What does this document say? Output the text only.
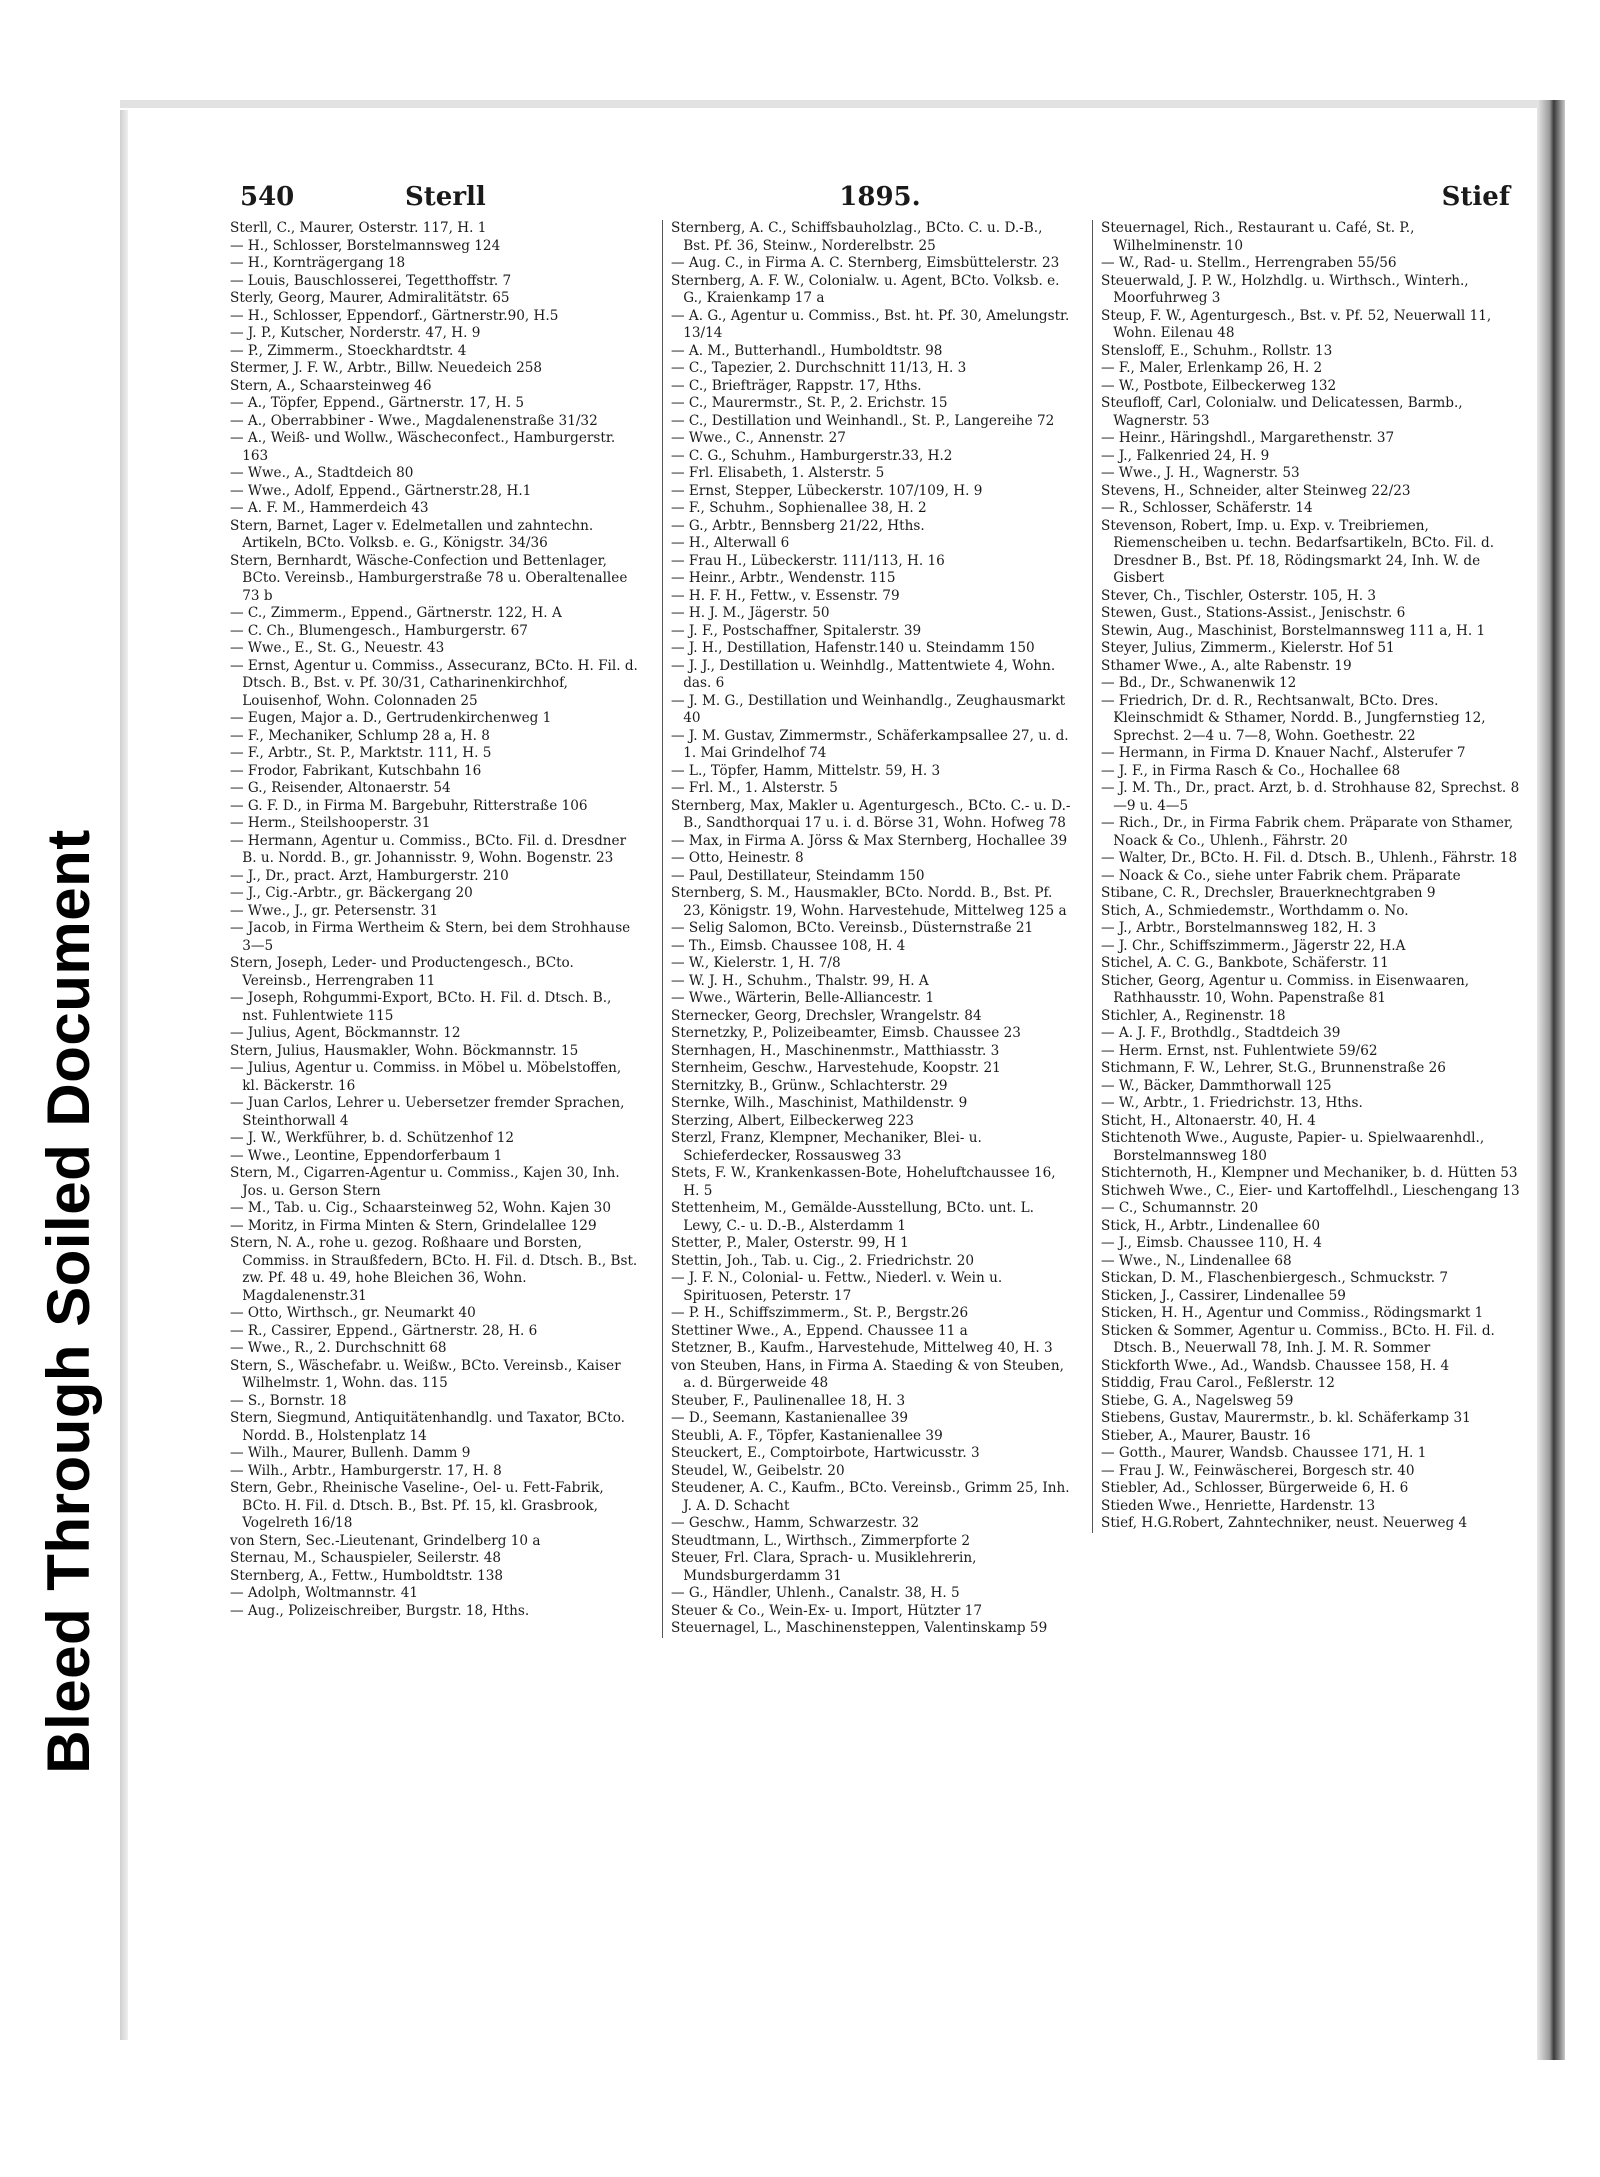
Bleed Through Soiled Document
540	Sterll	1895.	Stief

Sterll, C., Maurer, Osterstr. 117, H. 1

— H., Schlosser, Borstelmannsweg 124

— H., Kornträgergang 18

— Louis, Bauschlosserei, Tegetthoffstr. 7

Sterly, Georg, Maurer, Admiralitätstr. 65

— H., Schlosser, Eppendorf., Gärtnerstr.90, H.5

— J. P., Kutscher, Norderstr. 47, H. 9

— P., Zimmerm., Stoeckhardtstr. 4

Stermer, J. F. W., Arbtr., Billw. Neuedeich 258

Stern, A., Schaarsteinweg 46

— A., Töpfer, Eppend., Gärtnerstr. 17, H. 5

— A., Oberrabbiner - Wwe., Magdalenenstraße 31/32

— A., Weiß- und Wollw., Wäscheconfect., Hamburgerstr. 163

— Wwe., A., Stadtdeich 80

— Wwe., Adolf, Eppend., Gärtnerstr.28, H.1

— A. F. M., Hammerdeich 43

Stern, Barnet, Lager v. Edelmetallen und zahntechn. Artikeln, BCto. Volksb. e. G., Königstr. 34/36

Stern, Bernhardt, Wäsche-Confection und Bettenlager, BCto. Vereinsb., Hamburgerstraße 78 u. Oberaltenallee 73 b

— C., Zimmerm., Eppend., Gärtnerstr. 122, H. A

— C. Ch., Blumengesch., Hamburgerstr. 67

— Wwe., E., St. G., Neuestr. 43

— Ernst, Agentur u. Commiss., Assecuranz, BCto. H. Fil. d. Dtsch. B., Bst. v. Pf. 30/31, Catharinenkirchhof, Louisenhof, Wohn. Colonnaden 25

— Eugen, Major a. D., Gertrudenkirchenweg 1

— F., Mechaniker, Schlump 28 a, H. 8

— F., Arbtr., St. P., Marktstr. 111, H. 5

— Frodor, Fabrikant, Kutschbahn 16

— G., Reisender, Altonaerstr. 54

— G. F. D., in Firma M. Bargebuhr, Ritterstraße 106

— Herm., Steilshooperstr. 31

— Hermann, Agentur u. Commiss., BCto. Fil. d. Dresdner B. u. Nordd. B., gr. Johannisstr. 9, Wohn. Bogenstr. 23

— J., Dr., pract. Arzt, Hamburgerstr. 210

— J., Cig.-Arbtr., gr. Bäckergang 20

— Wwe., J., gr. Petersenstr. 31

— Jacob, in Firma Wertheim & Stern, bei dem Strohhause 3—5

Stern, Joseph, Leder- und Productengesch., BCto. Vereinsb., Herrengraben 11

— Joseph, Rohgummi-Export, BCto. H. Fil. d. Dtsch. B., nst. Fuhlentwiete 115

— Julius, Agent, Böckmannstr. 12

Stern, Julius, Hausmakler, Wohn. Böckmannstr. 15

— Julius, Agentur u. Commiss. in Möbel u. Möbelstoffen, kl. Bäckerstr. 16

— Juan Carlos, Lehrer u. Uebersetzer fremder Sprachen, Steinthorwall 4

— J. W., Werkführer, b. d. Schützenhof 12

— Wwe., Leontine, Eppendorferbaum 1

Stern, M., Cigarren-Agentur u. Commiss., Kajen 30, Inh. Jos. u. Gerson Stern

— M., Tab. u. Cig., Schaarsteinweg 52, Wohn. Kajen 30

— Moritz, in Firma Minten & Stern, Grindelallee 129

Stern, N. A., rohe u. gezog. Roßhaare und Borsten, Commiss. in Straußfedern, BCto. H. Fil. d. Dtsch. B., Bst. zw. Pf. 48 u. 49, hohe Bleichen 36, Wohn. Magdalenenstr.31

— Otto, Wirthsch., gr. Neumarkt 40

— R., Cassirer, Eppend., Gärtnerstr. 28, H. 6

— Wwe., R., 2. Durchschnitt 68

Stern, S., Wäschefabr. u. Weißw., BCto. Vereinsb., Kaiser Wilhelmstr. 1, Wohn. das. 115

— S., Bornstr. 18

Stern, Siegmund, Antiquitätenhandlg. und Taxator, BCto. Nordd. B., Holstenplatz 14

— Wilh., Maurer, Bullenh. Damm 9

— Wilh., Arbtr., Hamburgerstr. 17, H. 8

Stern, Gebr., Rheinische Vaseline-, Oel- u. Fett-Fabrik, BCto. H. Fil. d. Dtsch. B., Bst. Pf. 15, kl. Grasbrook, Vogelreth 16/18

von Stern, Sec.-Lieutenant, Grindelberg 10 a

Sternau, M., Schauspieler, Seilerstr. 48

Sternberg, A., Fettw., Humboldtstr. 138

— Adolph, Woltmannstr. 41

— Aug., Polizeischreiber, Burgstr. 18, Hths.

Sternberg, A. C., Schiffsbauholzlag., BCto. C. u. D.-B., Bst. Pf. 36, Steinw., Norderelbstr. 25

— Aug. C., in Firma A. C. Sternberg, Eimsbüttelerstr. 23

Sternberg, A. F. W., Colonialw. u. Agent, BCto. Volksb. e. G., Kraienkamp 17 a

— A. G., Agentur u. Commiss., Bst. ht. Pf. 30, Amelungstr. 13/14

— A. M., Butterhandl., Humboldtstr. 98

— C., Tapezier, 2. Durchschnitt 11/13, H. 3

— C., Briefträger, Rappstr. 17, Hths.

— C., Maurermstr., St. P., 2. Erichstr. 15

— C., Destillation und Weinhandl., St. P., Langereihe 72

— Wwe., C., Annenstr. 27

— C. G., Schuhm., Hamburgerstr.33, H.2

— Frl. Elisabeth, 1. Alsterstr. 5

— Ernst, Stepper, Lübeckerstr. 107/109, H. 9

— F., Schuhm., Sophienallee 38, H. 2

— G., Arbtr., Bennsberg 21/22, Hths.

— H., Alterwall 6

— Frau H., Lübeckerstr. 111/113, H. 16

— Heinr., Arbtr., Wendenstr. 115

— H. F. H., Fettw., v. Essenstr. 79

— H. J. M., Jägerstr. 50

— J. F., Postschaffner, Spitalerstr. 39

— J. H., Destillation, Hafenstr.140 u. Steindamm 150

— J. J., Destillation u. Weinhdlg., Mattentwiete 4, Wohn. das. 6

— J. M. G., Destillation und Weinhandlg., Zeughausmarkt 40

— J. M. Gustav, Zimmermstr., Schäferkampsallee 27, u. d. 1. Mai Grindelhof 74

— L., Töpfer, Hamm, Mittelstr. 59, H. 3

— Frl. M., 1. Alsterstr. 5

Sternberg, Max, Makler u. Agenturgesch., BCto. C.- u. D.-B., Sandthorquai 17 u. i. d. Börse 31, Wohn. Hofweg 78

— Max, in Firma A. Jörss & Max Sternberg, Hochallee 39

— Otto, Heinestr. 8

— Paul, Destillateur, Steindamm 150

Sternberg, S. M., Hausmakler, BCto. Nordd. B., Bst. Pf. 23, Königstr. 19, Wohn. Harvestehude, Mittelweg 125 a

— Selig Salomon, BCto. Vereinsb., Düsternstraße 21

— Th., Eimsb. Chaussee 108, H. 4

— W., Kielerstr. 1, H. 7/8

— W. J. H., Schuhm., Thalstr. 99, H. A

— Wwe., Wärterin, Belle-Alliancestr. 1

Sternecker, Georg, Drechsler, Wrangelstr. 84

Sternetzky, P., Polizeibeamter, Eimsb. Chaussee 23

Sternhagen, H., Maschinenmstr., Matthiasstr. 3

Sternheim, Geschw., Harvestehude, Koopstr. 21

Sternitzky, B., Grünw., Schlachterstr. 29

Sternke, Wilh., Maschinist, Mathildenstr. 9

Sterzing, Albert, Eilbeckerweg 223

Sterzl, Franz, Klempner, Mechaniker, Blei- u. Schieferdecker, Rossausweg 33

Stets, F. W., Krankenkassen-Bote, Hoheluftchaussee 16, H. 5

Stettenheim, M., Gemälde-Ausstellung, BCto. unt. L. Lewy, C.- u. D.-B., Alsterdamm 1

Stetter, P., Maler, Osterstr. 99, H 1

Stettin, Joh., Tab. u. Cig., 2. Friedrichstr. 20

— J. F. N., Colonial- u. Fettw., Niederl. v. Wein u. Spirituosen, Peterstr. 17

— P. H., Schiffszimmerm., St. P., Bergstr.26

Stettiner Wwe., A., Eppend. Chaussee 11 a

Stetzner, B., Kaufm., Harvestehude, Mittelweg 40, H. 3

von Steuben, Hans, in Firma A. Staeding & von Steuben, a. d. Bürgerweide 48

Steuber, F., Paulinenallee 18, H. 3

— D., Seemann, Kastanienallee 39

Steubli, A. F., Töpfer, Kastanienallee 39

Steuckert, E., Comptoirbote, Hartwicusstr. 3

Steudel, W., Geibelstr. 20

Steudener, A. C., Kaufm., BCto. Vereinsb., Grimm 25, Inh. J. A. D. Schacht

— Geschw., Hamm, Schwarzestr. 32

Steudtmann, L., Wirthsch., Zimmerpforte 2

Steuer, Frl. Clara, Sprach- u. Musiklehrerin, Mundsburgerdamm 31

— G., Händler, Uhlenh., Canalstr. 38, H. 5

Steuer & Co., Wein-Ex- u. Import, Hützter 17

Steuernagel, L., Maschinensteppen, Valentinskamp 59

Steuernagel, Rich., Restaurant u. Café, St. P., Wilhelminenstr. 10

— W., Rad- u. Stellm., Herrengraben 55/56

Steuerwald, J. P. W., Holzhdlg. u. Wirthsch., Winterh., Moorfuhrweg 3

Steup, F. W., Agenturgesch., Bst. v. Pf. 52, Neuerwall 11, Wohn. Eilenau 48

Stensloff, E., Schuhm., Rollstr. 13

— F., Maler, Erlenkamp 26, H. 2

— W., Postbote, Eilbeckerweg 132

Steufloff, Carl, Colonialw. und Delicatessen, Barmb., Wagnerstr. 53

— Heinr., Häringshdl., Margarethenstr. 37

— J., Falkenried 24, H. 9

— Wwe., J. H., Wagnerstr. 53

Stevens, H., Schneider, alter Steinweg 22/23

— R., Schlosser, Schäferstr. 14

Stevenson, Robert, Imp. u. Exp. v. Treibriemen, Riemenscheiben u. techn. Bedarfsartikeln, BCto. Fil. d. Dresdner B., Bst. Pf. 18, Rödingsmarkt 24, Inh. W. de Gisbert

Stever, Ch., Tischler, Osterstr. 105, H. 3

Stewen, Gust., Stations-Assist., Jenischstr. 6

Stewin, Aug., Maschinist, Borstelmannsweg 111 a, H. 1

Steyer, Julius, Zimmerm., Kielerstr. Hof 51

Sthamer Wwe., A., alte Rabenstr. 19

— Bd., Dr., Schwanenwik 12

— Friedrich, Dr. d. R., Rechtsanwalt, BCto. Dres. Kleinschmidt & Sthamer, Nordd. B., Jungfernstieg 12, Sprechst. 2—4 u. 7—8, Wohn. Goethestr. 22

— Hermann, in Firma D. Knauer Nachf., Alsterufer 7

— J. F., in Firma Rasch & Co., Hochallee 68

— J. M. Th., Dr., pract. Arzt, b. d. Strohhause 82, Sprechst. 8—9 u. 4—5

— Rich., Dr., in Firma Fabrik chem. Präparate von Sthamer, Noack & Co., Uhlenh., Fährstr. 20

— Walter, Dr., BCto. H. Fil. d. Dtsch. B., Uhlenh., Fährstr. 18

— Noack & Co., siehe unter Fabrik chem. Präparate

Stibane, C. R., Drechsler, Brauerknechtgraben 9

Stich, A., Schmiedemstr., Worthdamm o. No.

— J., Arbtr., Borstelmannsweg 182, H. 3

— J. Chr., Schiffszimmerm., Jägerstr 22, H.A

Stichel, A. C. G., Bankbote, Schäferstr. 11

Sticher, Georg, Agentur u. Commiss. in Eisenwaaren, Rathhausstr. 10, Wohn. Papenstraße 81

Stichler, A., Reginenstr. 18

— A. J. F., Brothdlg., Stadtdeich 39

— Herm. Ernst, nst. Fuhlentwiete 59/62

Stichmann, F. W., Lehrer, St.G., Brunnenstraße 26

— W., Bäcker, Dammthorwall 125

— W., Arbtr., 1. Friedrichstr. 13, Hths.

Sticht, H., Altonaerstr. 40, H. 4

Stichtenoth Wwe., Auguste, Papier- u. Spielwaarenhdl., Borstelmannsweg 180

Stichternoth, H., Klempner und Mechaniker, b. d. Hütten 53

Stichweh Wwe., C., Eier- und Kartoffelhdl., Lieschengang 13

— C., Schumannstr. 20

Stick, H., Arbtr., Lindenallee 60

— J., Eimsb. Chaussee 110, H. 4

— Wwe., N., Lindenallee 68

Stickan, D. M., Flaschenbiergesch., Schmuckstr. 7

Sticken, J., Cassirer, Lindenallee 59

Sticken, H. H., Agentur und Commiss., Rödingsmarkt 1

Sticken & Sommer, Agentur u. Commiss., BCto. H. Fil. d. Dtsch. B., Neuerwall 78, Inh. J. M. R. Sommer

Stickforth Wwe., Ad., Wandsb. Chaussee 158, H. 4

Stiddig, Frau Carol., Feßlerstr. 12

Stiebe, G. A., Nagelsweg 59

Stiebens, Gustav, Maurermstr., b. kl. Schäferkamp 31

Stieber, A., Maurer, Baustr. 16

— Gotth., Maurer, Wandsb. Chaussee 171, H. 1

— Frau J. W., Feinwäscherei, Borgesch str. 40

Stiebler, Ad., Schlosser, Bürgerweide 6, H. 6

Stieden Wwe., Henriette, Hardenstr. 13

Stief, H.G.Robert, Zahntechniker, neust. Neuerweg 4
